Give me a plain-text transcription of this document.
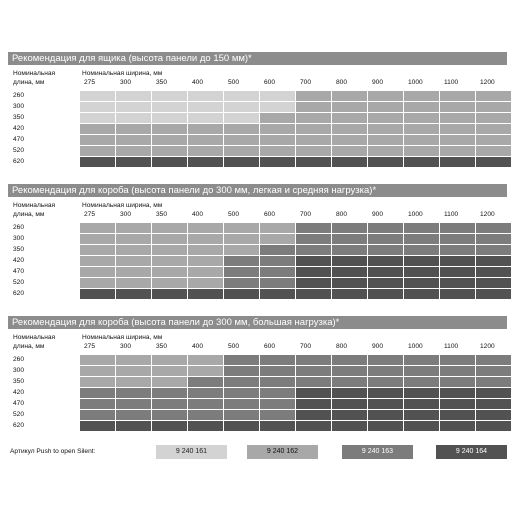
Рекомендация для ящика (высота панели до 150 мм)*
Номинальная
длина, мм
Номинальная ширина, мм
275	300	350	400	500	600	700	800	900	1000	1100	1200
260
300
350
420
470
520
620
Рекомендация для короба (высота панели до 300 мм, легкая и средняя нагрузка)*
Номинальная
длина, мм
Номинальная ширина, мм
275	300	350	400	500	600	700	800	900	1000	1100	1200
260
300
350
420
470
520
620
Рекомендация для короба (высота панели до 300 мм, большая нагрузка)*
Номинальная
длина, мм
Номинальная ширина, мм
275	300	350	400	500	600	700	800	900	1000	1100	1200
260
300
350
420
470
520
620
Артикул Push to open Silent:	9 240 161	9 240 162	9 240 163	9 240 164
